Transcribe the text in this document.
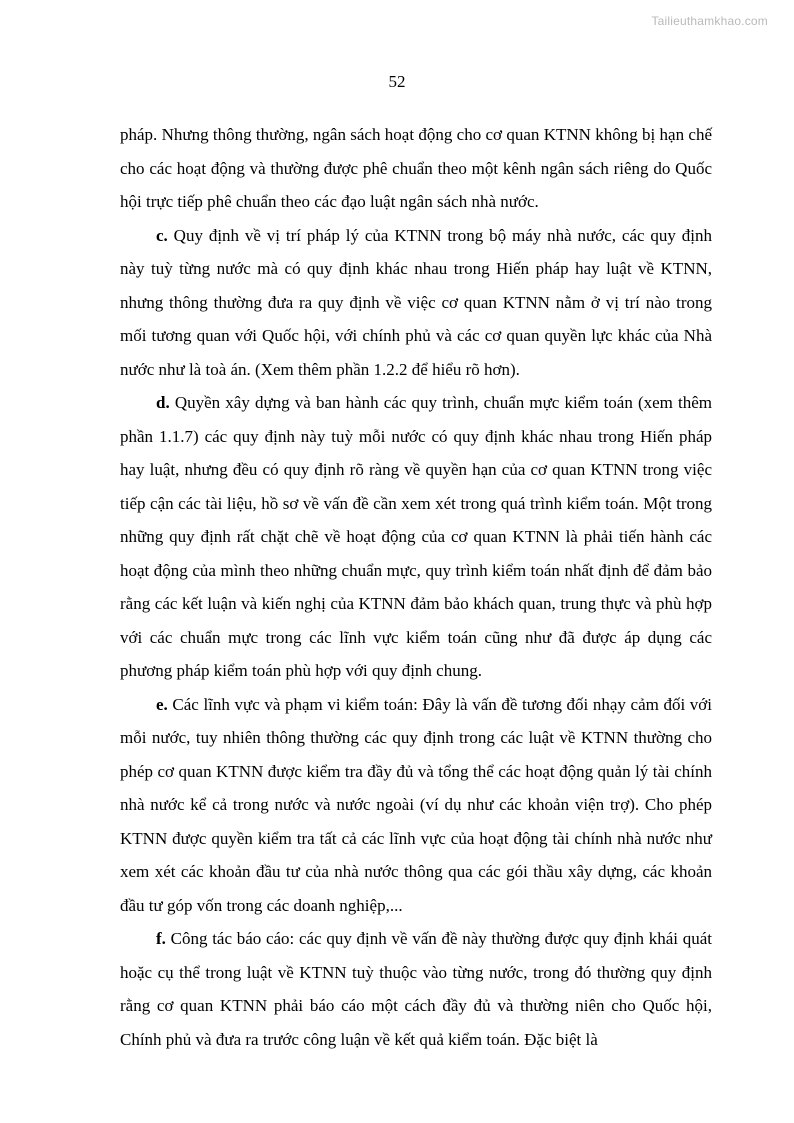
Tailieuthamkhao.com
52

pháp. Nhưng thông thường, ngân sách hoạt động cho cơ quan KTNN không bị hạn chế cho các hoạt động và thường được phê chuẩn theo một kênh ngân sách riêng do Quốc hội trực tiếp phê chuẩn theo các đạo luật ngân sách nhà nước.

c. Quy định về vị trí pháp lý của KTNN trong bộ máy nhà nước, các quy định này tuỳ từng nước mà có quy định khác nhau trong Hiến pháp hay luật về KTNN, nhưng thông thường đưa ra quy định về việc cơ quan KTNN nằm ở vị trí nào trong mối tương quan với Quốc hội, với chính phủ và các cơ quan quyền lực khác của Nhà nước như là toà án. (Xem thêm phần 1.2.2 để hiểu rõ hơn).

d. Quyền xây dựng và ban hành các quy trình, chuẩn mực kiểm toán (xem thêm phần 1.1.7) các quy định này tuỳ mỗi nước có quy định khác nhau trong Hiến pháp hay luật, nhưng đều có quy định rõ ràng về quyền hạn của cơ quan KTNN trong việc tiếp cận các tài liệu, hồ sơ về vấn đề cần xem xét trong quá trình kiểm toán. Một trong những quy định rất chặt chẽ về hoạt động của cơ quan KTNN là phải tiến hành các hoạt động của mình theo những chuẩn mực, quy trình kiểm toán nhất định để đảm bảo rằng các kết luận và kiến nghị của KTNN đảm bảo khách quan, trung thực và phù hợp với các chuẩn mực trong các lĩnh vực kiểm toán cũng như đã được áp dụng các phương pháp kiểm toán phù hợp với quy định chung.

e. Các lĩnh vực và phạm vi kiểm toán: Đây là vấn đề tương đối nhạy cảm đối với mỗi nước, tuy nhiên thông thường các quy định trong các luật về KTNN thường cho phép cơ quan KTNN được kiểm tra đầy đủ và tổng thể các hoạt động quản lý tài chính nhà nước kể cả trong nước và nước ngoài (ví dụ như các khoản viện trợ). Cho phép KTNN được quyền kiểm tra tất cả các lĩnh vực của hoạt động tài chính nhà nước như xem xét các khoản đầu tư của nhà nước thông qua các gói thầu xây dựng, các khoản đầu tư góp vốn trong các doanh nghiệp,...

f. Công tác báo cáo: các quy định về vấn đề này thường được quy định khái quát hoặc cụ thể trong luật về KTNN tuỳ thuộc vào từng nước, trong đó thường quy định rằng cơ quan KTNN phải báo cáo một cách đầy đủ và thường niên cho Quốc hội, Chính phủ và đưa ra trước công luận về kết quả kiểm toán. Đặc biệt là
